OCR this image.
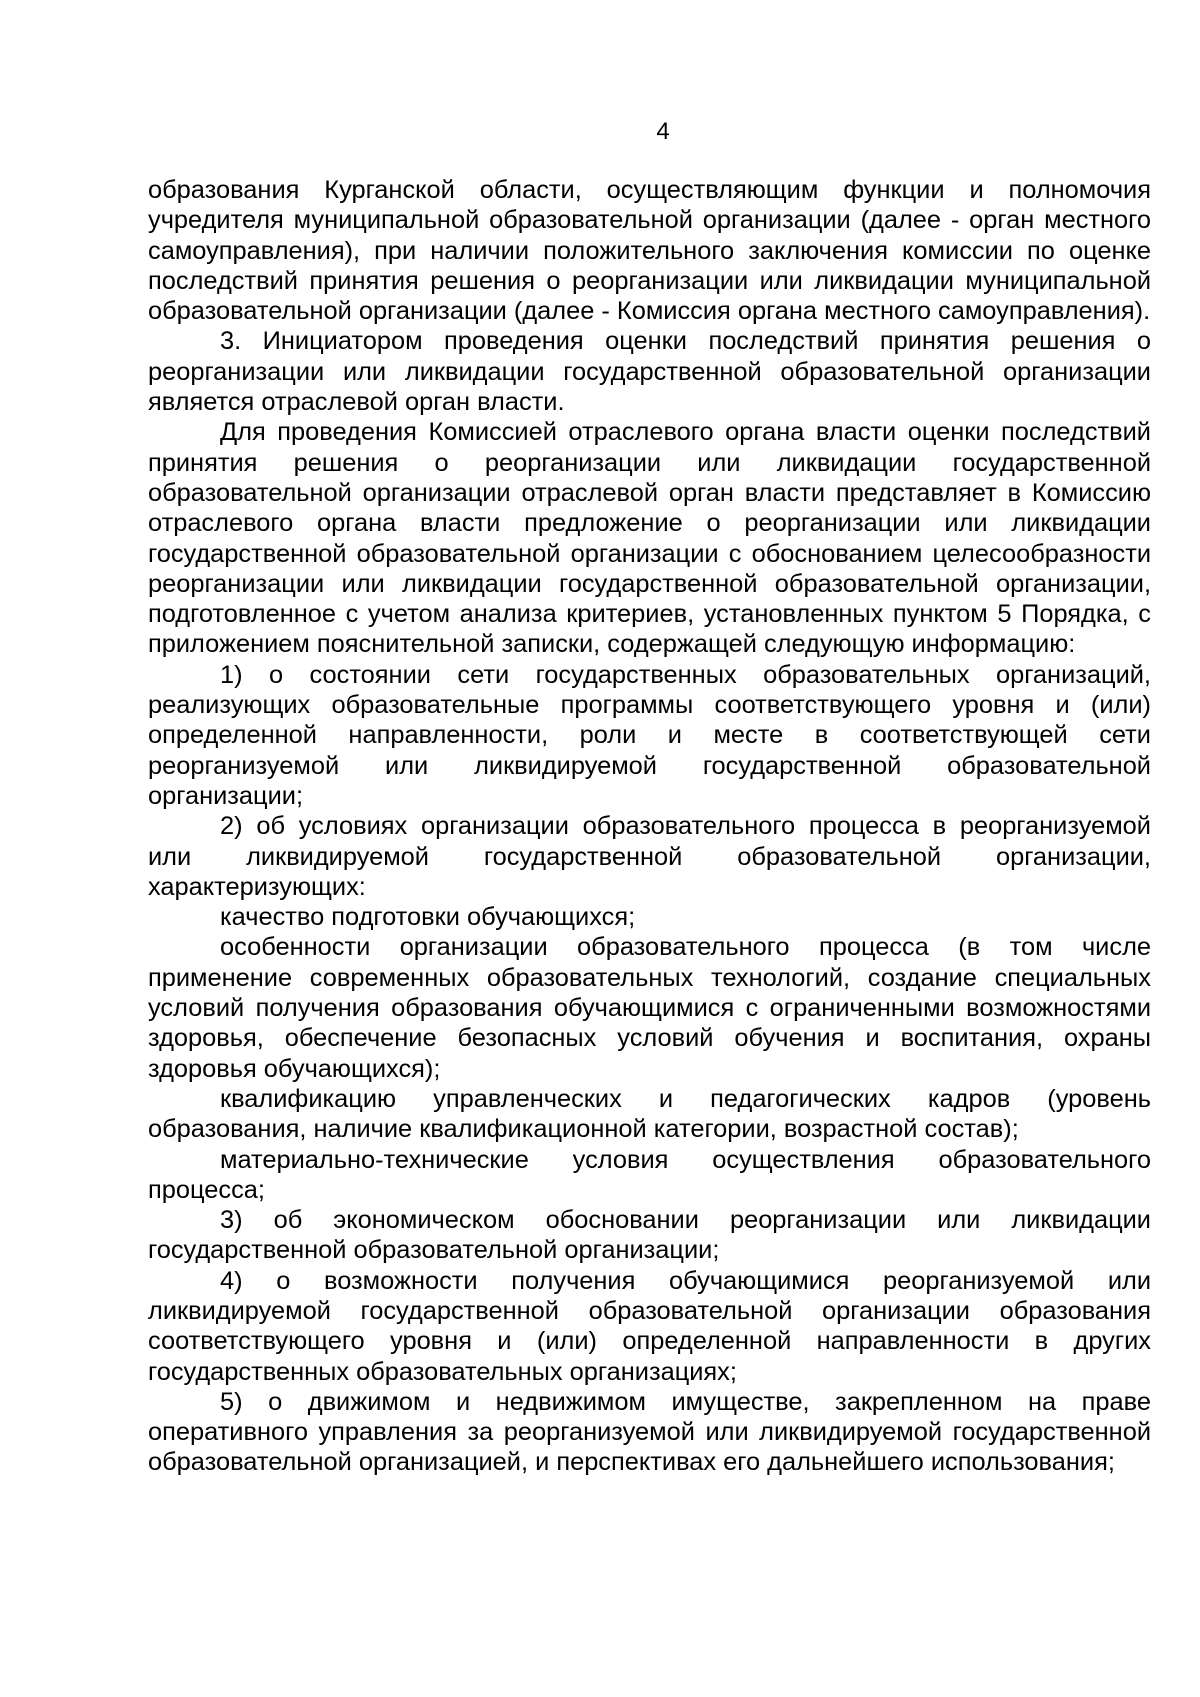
4

образования Курганской области, осуществляющим функции и полномочия учредителя муниципальной образовательной организации (далее - орган местного самоуправления), при наличии положительного заключения комиссии по оценке последствий принятия решения о реорганизации или ликвидации муниципальной образовательной организации (далее - Комиссия органа местного самоуправления).

3. Инициатором проведения оценки последствий принятия решения о реорганизации или ликвидации государственной образовательной организации является отраслевой орган власти.

Для проведения Комиссией отраслевого органа власти оценки последствий принятия решения о реорганизации или ликвидации государственной образовательной организации отраслевой орган власти представляет в Комиссию отраслевого органа власти предложение о реорганизации или ликвидации государственной образовательной организации с обоснованием целесообразности реорганизации или ликвидации государственной образовательной организации, подготовленное с учетом анализа критериев, установленных пунктом 5 Порядка, с приложением пояснительной записки, содержащей следующую информацию:

1) о состоянии сети государственных образовательных организаций, реализующих образовательные программы соответствующего уровня и (или) определенной направленности, роли и месте в соответствующей сети реорганизуемой или ликвидируемой государственной образовательной организации;

2) об условиях организации образовательного процесса в реорганизуемой или ликвидируемой государственной образовательной организации, характеризующих:

качество подготовки обучающихся;

особенности организации образовательного процесса (в том числе применение современных образовательных технологий, создание специальных условий получения образования обучающимися с ограниченными возможностями здоровья, обеспечение безопасных условий обучения и воспитания, охраны здоровья обучающихся);

квалификацию управленческих и педагогических кадров (уровень образования, наличие квалификационной категории, возрастной состав);

материально-технические условия осуществления образовательного процесса;

3) об экономическом обосновании реорганизации или ликвидации государственной образовательной организации;

4) о возможности получения обучающимися реорганизуемой или ликвидируемой государственной образовательной организации образования соответствующего уровня и (или) определенной направленности в других государственных образовательных организациях;

5) о движимом и недвижимом имуществе, закрепленном на праве оперативного управления за реорганизуемой или ликвидируемой государственной образовательной организацией, и перспективах его дальнейшего использования;
